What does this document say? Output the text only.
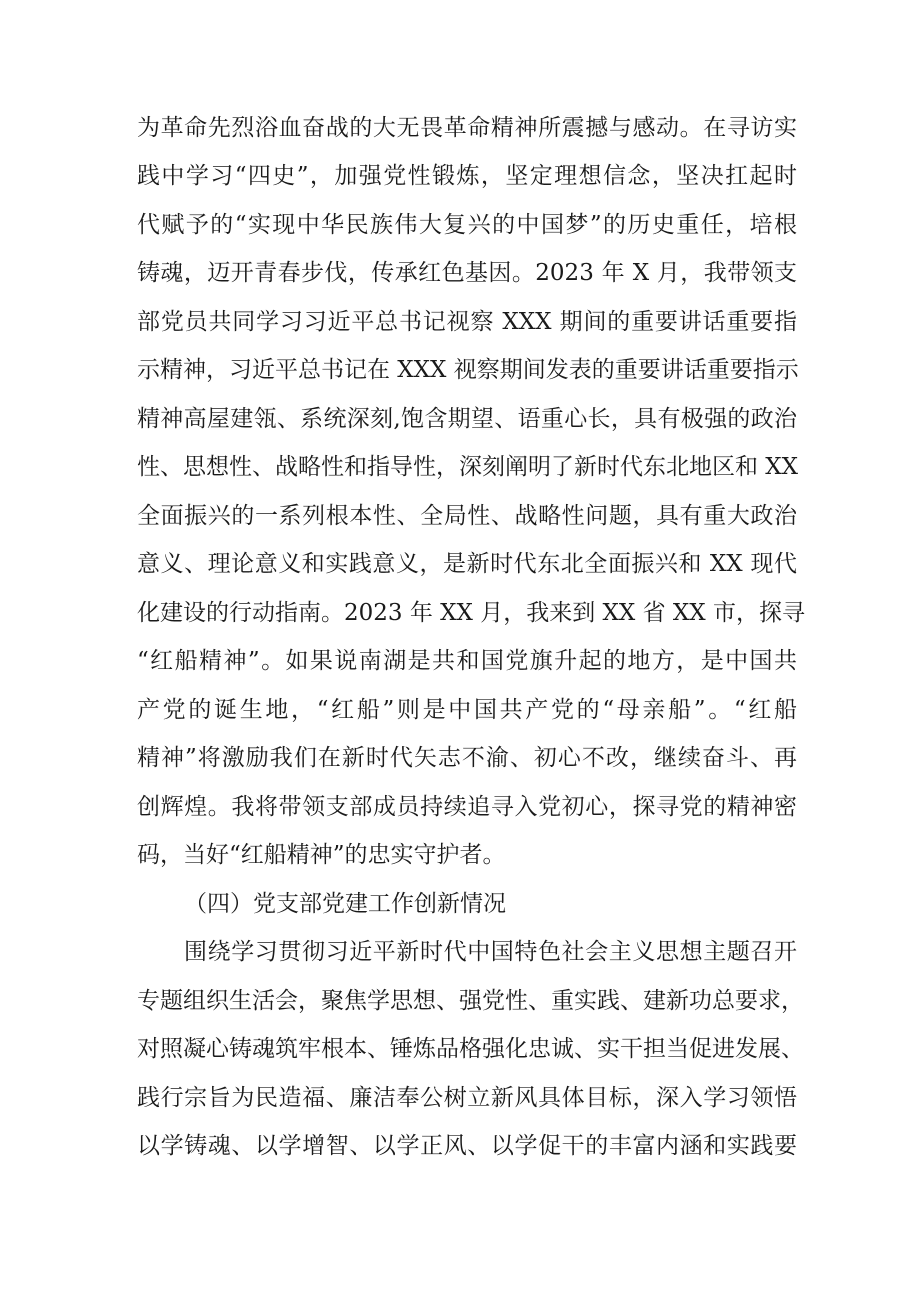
为革命先烈浴血奋战的大无畏革命精神所震撼与感动。在寻访实
践中学习“四史”，加强党性锻炼，坚定理想信念，坚决扛起时
代赋予的“实现中华民族伟大复兴的中国梦”的历史重任，培根
铸魂，迈开青春步伐，传承红色基因。2023 年 X 月，我带领支
部党员共同学习习近平总书记视察 XXX 期间的重要讲话重要指
示精神，习近平总书记在 XXX 视察期间发表的重要讲话重要指示
精神高屋建瓴、系统深刻,饱含期望、语重心长，具有极强的政治
性、思想性、战略性和指导性，深刻阐明了新时代东北地区和 XX
全面振兴的一系列根本性、全局性、战略性问题，具有重大政治
意义、理论意义和实践意义，是新时代东北全面振兴和 XX 现代
化建设的行动指南。2023 年 XX 月，我来到 XX 省 XX 市，探寻
“红船精神”。如果说南湖是共和国党旗升起的地方，是中国共
产党的诞生地，“红船”则是中国共产党的“母亲船”。“红船
精神”将激励我们在新时代矢志不渝、初心不改，继续奋斗、再
创辉煌。我将带领支部成员持续追寻入党初心，探寻党的精神密
码，当好“红船精神”的忠实守护者。
（四）党支部党建工作创新情况
围绕学习贯彻习近平新时代中国特色社会主义思想主题召开
专题组织生活会，聚焦学思想、强党性、重实践、建新功总要求，
对照凝心铸魂筑牢根本、锤炼品格强化忠诚、实干担当促进发展、
践行宗旨为民造福、廉洁奉公树立新风具体目标，深入学习领悟
以学铸魂、以学增智、以学正风、以学促干的丰富内涵和实践要
